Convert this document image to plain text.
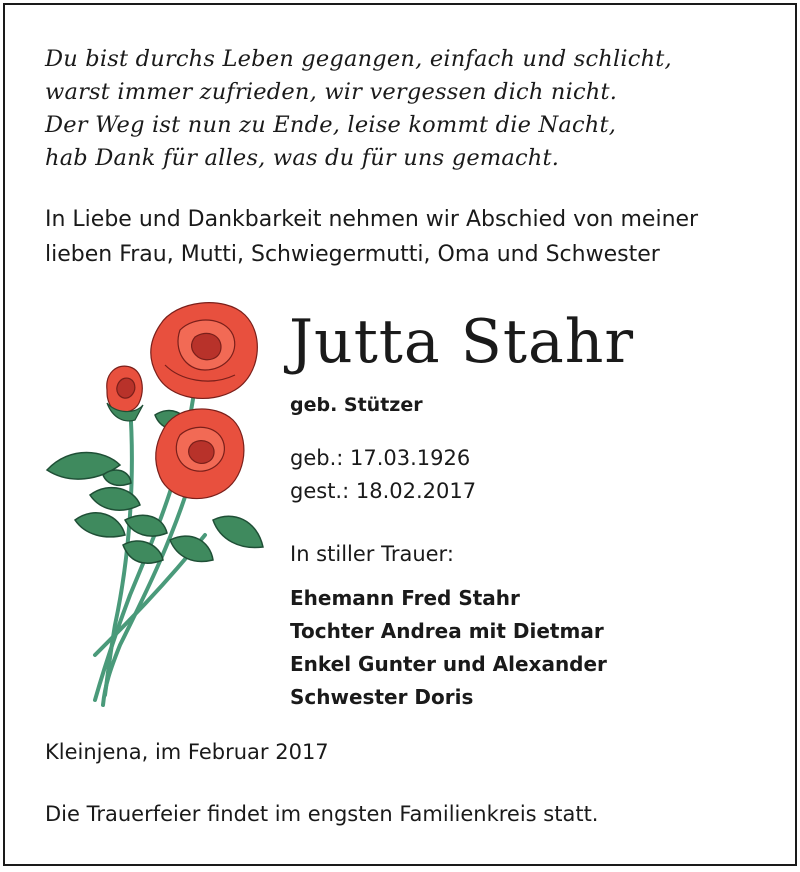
Du bist durchs Leben gegangen, einfach und schlicht,
warst immer zufrieden, wir vergessen dich nicht.
Der Weg ist nun zu Ende, leise kommt die Nacht,
hab Dank für alles, was du für uns gemacht.
In Liebe und Dankbarkeit nehmen wir Abschied von meiner
lieben Frau, Mutti, Schwiegermutti, Oma und Schwester
Jutta Stahr
geb. Stützer
geb.: 17.03.1926
gest.: 18.02.2017
In stiller Trauer:
Ehemann Fred Stahr
Tochter Andrea mit Dietmar
Enkel Gunter und Alexander
Schwester Doris
Kleinjena, im Februar 2017
Die Trauerfeier findet im engsten Familienkreis statt.
